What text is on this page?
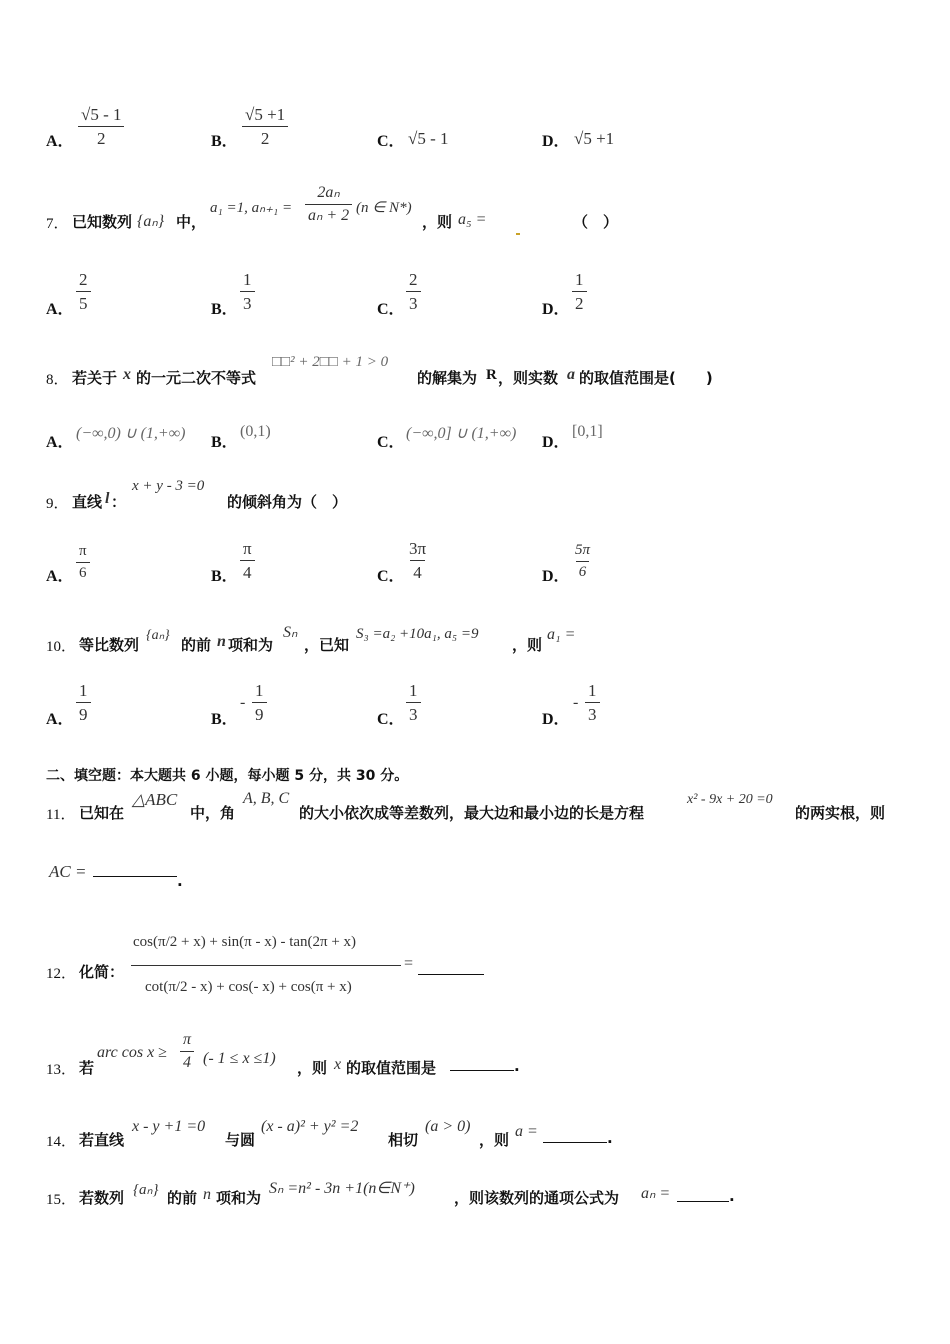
A． $\frac{√5 - 1}{2}$	B． $\frac{√5 +1}{2}$	C． √5 - 1	D． √5 +1
7． 已知数列 {aₙ} 中，
a₁ =1, $a_{n+1} = \frac{\text{2aₙ}}{\text{aₙ + 2}} (n$ ∈ N*)
，则 a₅ =	（　）
A． $\frac{2}{5}$	B． $\frac{1}{3}$	C． $\frac{2}{3}$	D． $\frac{1}{2}$
8． 若关于 x 的一元二次不等式
□□² + 2□□ + 1 > 0
的解集为 R ，则实数 a 的取值范围是(　　)
A．
(−∞,0) ∪ (1,+∞)
B．
(0,1)
C．
(−∞,0] ∪ (1,+∞)
D．
[0,1]
9． 直线 l ：
x + y - 3 =0
的倾斜角为（　）
A． $\frac{\pi}{6}$	B． $\frac{\pi}{4}$	C． $\frac{3\pi}{4}$	D． $\frac{5\pi}{6}$
10． 等比数列
{aₙ}
的前 n 项和为
Sₙ
，已知
S₃ =a₂ +10a₁, a₅ =9
，则
a₁ =
A． $\frac{1}{9}$	B．
- $\frac{1}{9}$	C． $\frac{1}{3}$	D．
- $\frac{1}{3}$
二、填空题：本大题共 6 小题，每小题 5 分，共 30 分。
11． 已知在
△ABC
中，角
A, B, C
的大小依次成等差数列，最大边和最小边的长是方程
x² - 9x + 20 =0
的两实根，则
AC =	.
12． 化简：
cos(π/2 + x) + sin(π - x) - tan(2π + x)
cot(π/2 - x) + cos(- x) + cos(π + x)
=
13． 若
arc $\cos x \ge \frac{\pi}{4}$ (- 1 ≤ x ≤1)
，则 x 的取值范围是	.
14． 若直线
x - y +1 =0
与圆
(x - a)² + y² =2
相切
(a > 0)
，则 a =	.
15． 若数列 {aₙ} 的前 n 项和为
Sₙ =n² - 3n +1(n∈N⁺)
，则该数列的通项公式为 aₙ =	.
